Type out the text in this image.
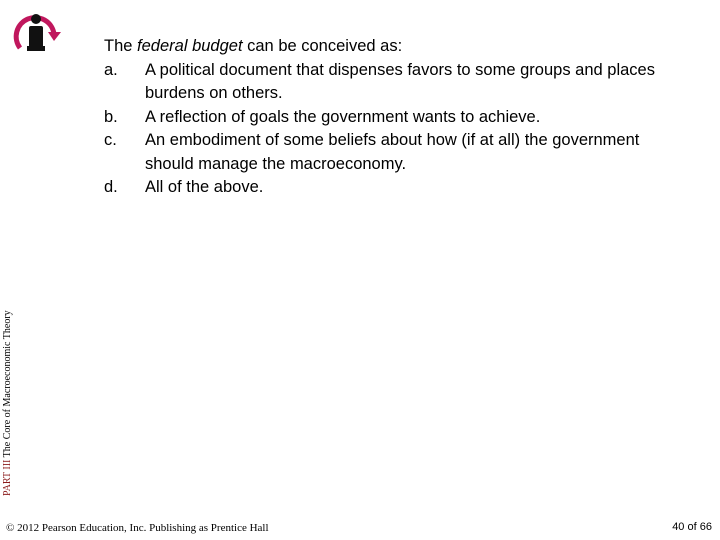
The federal budget can be conceived as:

a.	A political document that dispenses favors to some groups and places burdens on others.
b.	A reflection of goals the government wants to achieve.
c.	An embodiment of some beliefs about how (if at all) the government should manage the macroeconomy.
d.	All of the above.
PART III The Core of Macroeconomic Theory
© 2012 Pearson Education, Inc. Publishing as Prentice Hall	40 of 66
